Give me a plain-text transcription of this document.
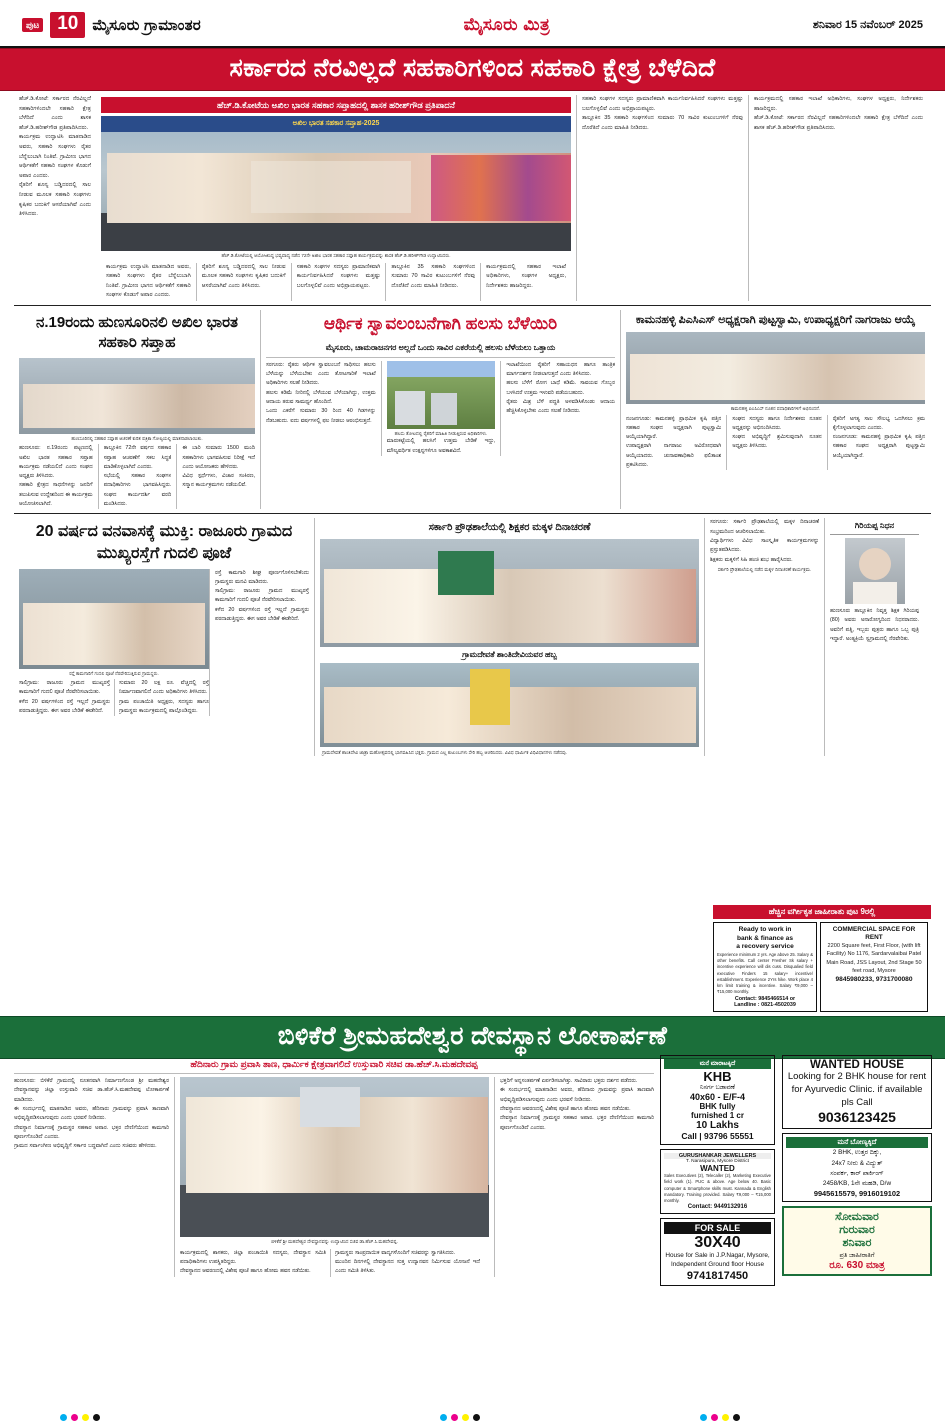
ಪುಟ 10 ಮೈಸೂರು ಗ್ರಾಮಾಂತರ	ಮೈಸೂರು ಮಿತ್ರ	ಶನಿವಾರ 15 ನವೆಂಬರ್ 2025
ಸರ್ಕಾರದ ನೆರವಿಲ್ಲದೆ ಸಹಕಾರಿಗಳಿಂದ ಸಹಕಾರಿ ಕ್ಷೇತ್ರ ಬೆಳೆದಿದೆ
ಹೆಚ್.ಡಿ.ಕೋಟೆ: ಸರ್ಕಾರದ ನೆರವಿಲ್ಲದೆ ಸಹಕಾರಿಗಳಿಂದಲೇ ಸಹಕಾರಿ ಕ್ಷೇತ್ರ ಬೆಳೆದಿದೆ ಎಂದು ಶಾಸಕ ಹೆಚ್.ಡಿ.ಹರೀಶ್‌ಗೌಡ ಪ್ರತಿಪಾದಿಸಿದರು.
ಕಾರ್ಯಕ್ರಮ ಉದ್ಘಾಟಿಸಿ ಮಾತನಾಡಿದ ಅವರು, ಸಹಕಾರಿ ಸಂಘಗಳು ರೈತರ ಬೆನ್ನೆಲುಬಾಗಿ ನಿಂತಿವೆ. ಗ್ರಾಮೀಣ ಭಾಗದ ಆರ್ಥಿಕತೆಗೆ ಸಹಕಾರಿ ಸಂಘಗಳ ಕೊಡುಗೆ ಅಪಾರ ಎಂದರು.
ರೈತರಿಗೆ ಶೂನ್ಯ ಬಡ್ಡಿದರದಲ್ಲಿ ಸಾಲ ನೀಡುವ ಮೂಲಕ ಸಹಕಾರಿ ಸಂಘಗಳು ಕೃಷಿಕರ ಬದುಕಿಗೆ ಆಸರೆಯಾಗಿವೆ ಎಂದು ತಿಳಿಸಿದರು.
ಹೆಚ್.ಡಿ.ಕೋಟೆಯ ಅಖಿಲ ಭಾರತ ಸಹಕಾರ ಸಪ್ತಾಹದಲ್ಲಿ ಶಾಸಕ ಹರೀಶ್‌ಗೌಡ ಪ್ರತಿಪಾದನೆ
ಅಖಿಲ ಭಾರತ ಸಹಕಾರ ಸಪ್ತಾಹ-2025
ಹೆಚ್.ಡಿ.ಕೋಟೆಯಲ್ಲಿ ಆಯೋಜಿಸಿದ್ದ ಭವ್ಯವಾದ್ಯ ನಡೆದ 72ನೇ ಅಖಿಲ ಭಾರತ ಸಹಕಾರ ಸಪ್ತಾಹ ಕಾರ್ಯಕ್ರಮವನ್ನು ಶಾಸಕ ಹೆಚ್.ಡಿ.ಹರೀಶ್‌ಗೌಡ ಉದ್ಘಾಟಿಸಿದರು.
ಕಾರ್ಯಕ್ರಮ ಉದ್ಘಾಟಿಸಿ ಮಾತನಾಡಿದ ಅವರು, ಸಹಕಾರಿ ಸಂಘಗಳು ರೈತರ ಬೆನ್ನೆಲುಬಾಗಿ ನಿಂತಿವೆ. ಗ್ರಾಮೀಣ ಭಾಗದ ಆರ್ಥಿಕತೆಗೆ ಸಹಕಾರಿ ಸಂಘಗಳ ಕೊಡುಗೆ ಅಪಾರ ಎಂದರು.
ರೈತರಿಗೆ ಶೂನ್ಯ ಬಡ್ಡಿದರದಲ್ಲಿ ಸಾಲ ನೀಡುವ ಮೂಲಕ ಸಹಕಾರಿ ಸಂಘಗಳು ಕೃಷಿಕರ ಬದುಕಿಗೆ ಆಸರೆಯಾಗಿವೆ ಎಂದು ತಿಳಿಸಿದರು.
ಸಹಕಾರಿ ಸಂಘಗಳ ಸದಸ್ಯರು ಪ್ರಾಮಾಣಿಕವಾಗಿ ಕಾರ್ಯನಿರ್ವಹಿಸಿದರೆ ಸಂಘಗಳು ಮತ್ತಷ್ಟು ಬಲಗೊಳ್ಳಲಿವೆ ಎಂದು ಅಭಿಪ್ರಾಯಪಟ್ಟರು.
ತಾಲ್ಲೂಕಿನ 35 ಸಹಕಾರಿ ಸಂಘಗಳಿಂದ ಸುಮಾರು 70 ಸಾವಿರ ಕುಟುಂಬಗಳಿಗೆ ನೆರವು ದೊರೆತಿದೆ ಎಂದು ಮಾಹಿತಿ ನೀಡಿದರು.
ಕಾರ್ಯಕ್ರಮದಲ್ಲಿ ಸಹಕಾರ ಇಲಾಖೆ ಅಧಿಕಾರಿಗಳು, ಸಂಘಗಳ ಅಧ್ಯಕ್ಷರು, ನಿರ್ದೇಶಕರು ಹಾಜರಿದ್ದರು.
ಸಹಕಾರಿ ಸಂಘಗಳ ಸದಸ್ಯರು ಪ್ರಾಮಾಣಿಕವಾಗಿ ಕಾರ್ಯನಿರ್ವಹಿಸಿದರೆ ಸಂಘಗಳು ಮತ್ತಷ್ಟು ಬಲಗೊಳ್ಳಲಿವೆ ಎಂದು ಅಭಿಪ್ರಾಯಪಟ್ಟರು.
ತಾಲ್ಲೂಕಿನ 35 ಸಹಕಾರಿ ಸಂಘಗಳಿಂದ ಸುಮಾರು 70 ಸಾವಿರ ಕುಟುಂಬಗಳಿಗೆ ನೆರವು ದೊರೆತಿದೆ ಎಂದು ಮಾಹಿತಿ ನೀಡಿದರು.
ಕಾರ್ಯಕ್ರಮದಲ್ಲಿ ಸಹಕಾರ ಇಲಾಖೆ ಅಧಿಕಾರಿಗಳು, ಸಂಘಗಳ ಅಧ್ಯಕ್ಷರು, ನಿರ್ದೇಶಕರು ಹಾಜರಿದ್ದರು.
ಹೆಚ್.ಡಿ.ಕೋಟೆ: ಸರ್ಕಾರದ ನೆರವಿಲ್ಲದೆ ಸಹಕಾರಿಗಳಿಂದಲೇ ಸಹಕಾರಿ ಕ್ಷೇತ್ರ ಬೆಳೆದಿದೆ ಎಂದು ಶಾಸಕ ಹೆಚ್.ಡಿ.ಹರೀಶ್‌ಗೌಡ ಪ್ರತಿಪಾದಿಸಿದರು.
ನ.19ರಂದು ಹುಣಸೂರಿನಲಿ ಅಖಿಲ ಭಾರತ ಸಹಕಾರಿ ಸಪ್ತಾಹ
ಹುಣಸೂರಿನಲ್ಲಿ ಸಹಕಾರ ಸಪ್ತಾಹ ಆಚರಣೆ ಕುರಿತ ಪತ್ರಿಕಾ ಗೋಷ್ಠಿಯಲ್ಲಿ ಮಾತನಾಡಲಾಯಿತು.
ಹುಣಸೂರು: ನ.19ರಂದು ಪಟ್ಟಣದಲ್ಲಿ ಅಖಿಲ ಭಾರತ ಸಹಕಾರ ಸಪ್ತಾಹ ಕಾರ್ಯಕ್ರಮ ನಡೆಯಲಿದೆ ಎಂದು ಸಂಘದ ಅಧ್ಯಕ್ಷರು ತಿಳಿಸಿದರು.
ಸಹಕಾರಿ ಕ್ಷೇತ್ರದ ಸಾಧನೆಗಳನ್ನು ಜನರಿಗೆ ತಲುಪಿಸುವ ಉದ್ದೇಶದಿಂದ ಈ ಕಾರ್ಯಕ್ರಮ ಆಯೋಜಿಸಲಾಗಿದೆ.
ತಾಲ್ಲೂಕಿನ 72ನೇ ವರ್ಷದ ಸಹಕಾರ ಸಪ್ತಾಹ ಆಚರಣೆಗೆ ಸಕಲ ಸಿದ್ಧತೆ ಮಾಡಿಕೊಳ್ಳಲಾಗಿದೆ ಎಂದರು.
ಸಭೆಯಲ್ಲಿ ಸಹಕಾರ ಸಂಘಗಳ ಪದಾಧಿಕಾರಿಗಳು ಭಾಗವಹಿಸಿದ್ದರು. ಸಂಘದ ಕಾರ್ಯದರ್ಶಿ ವರದಿ ಮಂಡಿಸಿದರು.
ಈ ಬಾರಿ ಸುಮಾರು 1500 ಮಂದಿ ಸಹಕಾರಿಗಳು ಭಾಗವಹಿಸುವ ನಿರೀಕ್ಷೆ ಇದೆ ಎಂದು ಆಯೋಜಕರು ಹೇಳಿದರು.
ವಿವಿಧ ಸ್ಪರ್ಧೆಗಳು, ವಿಚಾರ ಸಂಕಿರಣ, ಸನ್ಮಾನ ಕಾರ್ಯಕ್ರಮಗಳು ನಡೆಯಲಿವೆ.
ಆರ್ಥಿಕ ಸ್ವಾವಲಂಬನೆಗಾಗಿ ಹಲಸು ಬೆಳೆಯಿರಿ
ಮೈಸೂರು, ಚಾಮರಾಜನಗರ ಅಲ್ಲದೆ ಒಂದು ಸಾವಿರ ಎಕರೆಯಲ್ಲಿ ಹಲಸು ಬೆಳೆಯಲು ಒತ್ತಾಯ
ಸರಗೂರು: ರೈತರು ಆರ್ಥಿಕ ಸ್ವಾವಲಂಬನೆ ಸಾಧಿಸಲು ಹಲಸು ಬೆಳೆಯನ್ನು ಬೆಳೆಯಬೇಕು ಎಂದು ತೋಟಗಾರಿಕೆ ಇಲಾಖೆ ಅಧಿಕಾರಿಗಳು ಸಲಹೆ ನೀಡಿದರು.
ಹಲಸು ಕಡಿಮೆ ನೀರಿನಲ್ಲಿ ಬೆಳೆಯುವ ಬೆಳೆಯಾಗಿದ್ದು, ಉತ್ತಮ ಆದಾಯ ತರುವ ಸಾಮರ್ಥ್ಯ ಹೊಂದಿದೆ.
ಒಂದು ಎಕರೆಗೆ ಸುಮಾರು 30 ರಿಂದ 40 ಗಿಡಗಳನ್ನು ನೆಡಬಹುದು. ಐದು ವರ್ಷಗಳಲ್ಲಿ ಫಲ ನೀಡಲು ಆರಂಭಿಸುತ್ತದೆ.
ಹಲಸು ತೋಟದಲ್ಲಿ ರೈತರಿಗೆ ಮಾಹಿತಿ ನೀಡುತ್ತಿರುವ ಅಧಿಕಾರಿಗಳು.
ಮಾರುಕಟ್ಟೆಯಲ್ಲಿ ಹಲಸಿಗೆ ಉತ್ತಮ ಬೇಡಿಕೆ ಇದ್ದು, ಮೌಲ್ಯವರ್ಧಿತ ಉತ್ಪನ್ನಗಳಿಗೂ ಅವಕಾಶವಿದೆ.
ಇಲಾಖೆಯಿಂದ ರೈತರಿಗೆ ಸಹಾಯಧನ ಹಾಗೂ ತಾಂತ್ರಿಕ ಮಾರ್ಗದರ್ಶನ ನೀಡಲಾಗುತ್ತದೆ ಎಂದು ತಿಳಿಸಿದರು.
ಹಲಸು ಬೆಳೆಗೆ ರೋಗ ಬಾಧೆ ಕಡಿಮೆ. ಸಾವಯವ ಗೊಬ್ಬರ ಬಳಸಿದರೆ ಉತ್ತಮ ಇಳುವರಿ ಪಡೆಯಬಹುದು.
ರೈತರು ಮಿಶ್ರ ಬೆಳೆ ಪದ್ಧತಿ ಅಳವಡಿಸಿಕೊಂಡು ಆದಾಯ ಹೆಚ್ಚಿಸಿಕೊಳ್ಳಬೇಕು ಎಂದು ಸಲಹೆ ನೀಡಿದರು.
ಕಾಮನಹಳ್ಳಿ ಪಿಎಸಿಎಸ್ ಅಧ್ಯಕ್ಷರಾಗಿ ಪುಟ್ಟಸ್ವಾಮಿ, ಉಪಾಧ್ಯಕ್ಷರಿಗೆ ನಾಗರಾಜು ಆಯ್ಕೆ
ಕಾಮನಹಳ್ಳಿ ಪಿಎಸಿಎಸ್ ನೂತನ ಪದಾಧಿಕಾರಿಗಳಿಗೆ ಅಭಿನಂದನೆ.
ನಂಜನಗೂಡು: ಕಾಮನಹಳ್ಳಿ ಪ್ರಾಥಮಿಕ ಕೃಷಿ ಪತ್ತಿನ ಸಹಕಾರ ಸಂಘದ ಅಧ್ಯಕ್ಷರಾಗಿ ಪುಟ್ಟಸ್ವಾಮಿ ಆಯ್ಕೆಯಾಗಿದ್ದಾರೆ.
ಉಪಾಧ್ಯಕ್ಷರಾಗಿ ನಾಗರಾಜು ಅವಿರೋಧವಾಗಿ ಆಯ್ಕೆಯಾದರು. ಚುನಾವಣಾಧಿಕಾರಿ ಫಲಿತಾಂಶ ಪ್ರಕಟಿಸಿದರು.
ಸಂಘದ ಸದಸ್ಯರು ಹಾಗೂ ನಿರ್ದೇಶಕರು ನೂತನ ಅಧ್ಯಕ್ಷರನ್ನು ಅಭಿನಂದಿಸಿದರು.
ಸಂಘದ ಅಭಿವೃದ್ಧಿಗೆ ಶ್ರಮಿಸುವುದಾಗಿ ನೂತನ ಅಧ್ಯಕ್ಷರು ತಿಳಿಸಿದರು.
ರೈತರಿಗೆ ಅಗತ್ಯ ಸಾಲ ಸೌಲಭ್ಯ ಒದಗಿಸಲು ಕ್ರಮ ಕೈಗೊಳ್ಳಲಾಗುವುದು ಎಂದರು.
ನಂಜನಗೂಡು: ಕಾಮನಹಳ್ಳಿ ಪ್ರಾಥಮಿಕ ಕೃಷಿ ಪತ್ತಿನ ಸಹಕಾರ ಸಂಘದ ಅಧ್ಯಕ್ಷರಾಗಿ ಪುಟ್ಟಸ್ವಾಮಿ ಆಯ್ಕೆಯಾಗಿದ್ದಾರೆ.
20 ವರ್ಷದ ವನವಾಸಕ್ಕೆ ಮುಕ್ತಿ: ರಾಜೂರು ಗ್ರಾಮದ ಮುಖ್ಯರಸ್ತೆಗೆ ಗುದಲಿ ಪೂಜೆ
ರಸ್ತೆ ಕಾಮಗಾರಿಗೆ ಗುದಲಿ ಪೂಜೆ ನೆರವೇರಿಸುತ್ತಿರುವ ಗ್ರಾಮಸ್ಥರು.
ಸಾಲಿಗ್ರಾಮ: ರಾಜೂರು ಗ್ರಾಮದ ಮುಖ್ಯರಸ್ತೆ ಕಾಮಗಾರಿಗೆ ಗುದಲಿ ಪೂಜೆ ನೆರವೇರಿಸಲಾಯಿತು.
ಕಳೆದ 20 ವರ್ಷಗಳಿಂದ ರಸ್ತೆ ಇಲ್ಲದೆ ಗ್ರಾಮಸ್ಥರು ಪರದಾಡುತ್ತಿದ್ದರು. ಈಗ ಅವರ ಬೇಡಿಕೆ ಈಡೇರಿದೆ.
ಸುಮಾರು 20 ಲಕ್ಷ ರೂ. ವೆಚ್ಚದಲ್ಲಿ ರಸ್ತೆ ನಿರ್ಮಾಣವಾಗಲಿದೆ ಎಂದು ಅಧಿಕಾರಿಗಳು ತಿಳಿಸಿದರು.
ಗ್ರಾಮ ಪಂಚಾಯಿತಿ ಅಧ್ಯಕ್ಷರು, ಸದಸ್ಯರು ಹಾಗೂ ಗ್ರಾಮಸ್ಥರು ಕಾರ್ಯಕ್ರಮದಲ್ಲಿ ಪಾಲ್ಗೊಂಡಿದ್ದರು.
ರಸ್ತೆ ಕಾಮಗಾರಿ ಶೀಘ್ರ ಪೂರ್ಣಗೊಳಿಸಬೇಕೆಂದು ಗ್ರಾಮಸ್ಥರು ಮನವಿ ಮಾಡಿದರು.
ಸಾಲಿಗ್ರಾಮ: ರಾಜೂರು ಗ್ರಾಮದ ಮುಖ್ಯರಸ್ತೆ ಕಾಮಗಾರಿಗೆ ಗುದಲಿ ಪೂಜೆ ನೆರವೇರಿಸಲಾಯಿತು.
ಕಳೆದ 20 ವರ್ಷಗಳಿಂದ ರಸ್ತೆ ಇಲ್ಲದೆ ಗ್ರಾಮಸ್ಥರು ಪರದಾಡುತ್ತಿದ್ದರು. ಈಗ ಅವರ ಬೇಡಿಕೆ ಈಡೇರಿದೆ.
ಸರ್ಕಾರಿ ಪ್ರೌಢಶಾಲೆಯಲ್ಲಿ ಶಿಕ್ಷಕರ ಮಕ್ಕಳ ದಿನಾಚರಣೆ
ಗ್ರಾಮದೇವತೆ ಶಾಂತಿದೇವಿಯವರ ಹಬ್ಬ
ಗ್ರಾಮದೇವತೆ ಶಾಂತಿದೇವಿ ಜಾತ್ರಾ ಮಹೋತ್ಸವದಲ್ಲಿ ಭಾಗವಹಿಸಿದ ಭಕ್ತರು. ಗ್ರಾಮದ ಎಲ್ಲ ಕುಟುಂಬಗಳು ಸೇರಿ ಹಬ್ಬ ಆಚರಿಸಿದರು. ವಿವಿಧ ಧಾರ್ಮಿಕ ವಿಧಿವಿಧಾನಗಳು ನಡೆದವು.
ಸರಗೂರು: ಸರ್ಕಾರಿ ಪ್ರೌಢಶಾಲೆಯಲ್ಲಿ ಮಕ್ಕಳ ದಿನಾಚರಣೆ ಸಂಭ್ರಮದಿಂದ ಆಚರಿಸಲಾಯಿತು.
ವಿದ್ಯಾರ್ಥಿಗಳು ವಿವಿಧ ಸಾಂಸ್ಕೃತಿಕ ಕಾರ್ಯಕ್ರಮಗಳನ್ನು ಪ್ರಸ್ತುತಪಡಿಸಿದರು.
ಶಿಕ್ಷಕರು ಮಕ್ಕಳಿಗೆ ಸಿಹಿ ಹಂಚಿ ಶುಭ ಹಾರೈಸಿದರು.
ಸರ್ಕಾರಿ ಪ್ರೌಢಶಾಲೆಯಲ್ಲಿ ನಡೆದ ಮಕ್ಕಳ ದಿನಾಚರಣೆ ಕಾರ್ಯಕ್ರಮ.
ಗಿರಿಯಪ್ಪ ನಿಧನ
ಹುಣಸೂರು ತಾಲ್ಲೂಕಿನ ನಿವೃತ್ತ ಶಿಕ್ಷಕ ಗಿರಿಯಪ್ಪ (80) ಅವರು ಅನಾರೋಗ್ಯದಿಂದ ನಿಧನರಾದರು. ಅವರಿಗೆ ಪತ್ನಿ, ಇಬ್ಬರು ಪುತ್ರರು ಹಾಗೂ ಒಬ್ಬ ಪುತ್ರಿ ಇದ್ದಾರೆ. ಅಂತ್ಯಕ್ರಿಯೆ ಸ್ವಗ್ರಾಮದಲ್ಲಿ ನೆರವೇರಿತು.
ಹೆಚ್ಚಿನ ವರ್ಗೀಕೃತ ಜಾಹೀರಾತು ಪುಟ 9ರಲ್ಲಿ
Ready to work in
bank & finance as
a recovery service
Experience minimum 2 yrs. Age above 25. Salary & other benefits. Call center Fresher Sk salary + incentive experience will dis cuss. Disqualied field executive Finders 15 salary+ incentive/ establishment. Experience 2Yrs hike. Work place 4 km limit training & incentive. Salary ₹9,000 – ₹15,000 monthly.
Contact: 9845466514 or
Landline : 0821-4502039
COMMERCIAL SPACE FOR RENT
2200 Square feet, First Floor, (with lift Facility) No 1176, Sardarvalaibai Patel Main Road, JSS Layout, 2nd Stage 50 feet road, Mysore
9845980233, 9731700080
ಬಿಳಿಕೆರೆ ಶ್ರೀಮಹದೇಶ್ವರ ದೇವಸ್ಥಾನ ಲೋಕಾರ್ಪಣೆ
ಹೆದಿನಾರು ಗ್ರಾಮ ಪ್ರವಾಸಿ ತಾಣ, ಧಾರ್ಮಿಕ ಕ್ಷೇತ್ರವಾಗಲಿದೆ ಉಸ್ತುವಾರಿ ಸಚಿವ ಡಾ.ಹೆಚ್.ಸಿ.ಮಹದೇವಪ್ಪ
ಹುಣಸೂರು: ಬಿಳಿಕೆರೆ ಗ್ರಾಮದಲ್ಲಿ ನೂತನವಾಗಿ ನಿರ್ಮಾಣಗೊಂಡ ಶ್ರೀ ಮಹದೇಶ್ವರ ದೇವಸ್ಥಾನವನ್ನು ಜಿಲ್ಲಾ ಉಸ್ತುವಾರಿ ಸಚಿವ ಡಾ.ಹೆಚ್.ಸಿ.ಮಹದೇವಪ್ಪ ಲೋಕಾರ್ಪಣೆ ಮಾಡಿದರು.
ಈ ಸಂದರ್ಭದಲ್ಲಿ ಮಾತನಾಡಿದ ಅವರು, ಹೆದಿನಾರು ಗ್ರಾಮವನ್ನು ಪ್ರವಾಸಿ ತಾಣವಾಗಿ ಅಭಿವೃದ್ಧಿಪಡಿಸಲಾಗುವುದು ಎಂದು ಭರವಸೆ ನೀಡಿದರು.
ದೇವಸ್ಥಾನ ನಿರ್ಮಾಣಕ್ಕೆ ಗ್ರಾಮಸ್ಥರ ಸಹಕಾರ ಅಪಾರ. ಭಕ್ತರ ದೇಣಿಗೆಯಿಂದ ಕಾಮಗಾರಿ ಪೂರ್ಣಗೊಂಡಿದೆ ಎಂದರು.
ಗ್ರಾಮದ ಸರ್ವಾಂಗೀಣ ಅಭಿವೃದ್ಧಿಗೆ ಸರ್ಕಾರ ಬದ್ಧವಾಗಿದೆ ಎಂದು ಸಚಿವರು ಹೇಳಿದರು.
ಬಿಳಿಕೆರೆ ಶ್ರೀ ಮಹದೇಶ್ವರ ದೇವಸ್ಥಾನವನ್ನು ಉದ್ಘಾಟಿಸಿದ ಸಚಿವ ಡಾ.ಹೆಚ್.ಸಿ.ಮಹದೇವಪ್ಪ.
ಕಾರ್ಯಕ್ರಮದಲ್ಲಿ ಶಾಸಕರು, ಜಿಲ್ಲಾ ಪಂಚಾಯಿತಿ ಸದಸ್ಯರು, ದೇವಸ್ಥಾನ ಸಮಿತಿ ಪದಾಧಿಕಾರಿಗಳು ಉಪಸ್ಥಿತರಿದ್ದರು.
ದೇವಸ್ಥಾನದ ಆವರಣದಲ್ಲಿ ವಿಶೇಷ ಪೂಜೆ ಹಾಗೂ ಹೋಮ ಹವನ ನಡೆಯಿತು.
ಗ್ರಾಮಸ್ಥರು ಸಾಂಪ್ರದಾಯಿಕ ವಾದ್ಯಗಳೊಂದಿಗೆ ಸಚಿವರನ್ನು ಸ್ವಾಗತಿಸಿದರು.
ಮುಂದಿನ ದಿನಗಳಲ್ಲಿ ದೇವಸ್ಥಾನದ ಸುತ್ತ ಉದ್ಯಾನವನ ನಿರ್ಮಿಸುವ ಯೋಜನೆ ಇದೆ ಎಂದು ಸಮಿತಿ ತಿಳಿಸಿತು.
ಭಕ್ತರಿಗೆ ಅನ್ನಸಂತರ್ಪಣೆ ಏರ್ಪಡಿಸಲಾಗಿತ್ತು. ಸಾವಿರಾರು ಭಕ್ತರು ದರ್ಶನ ಪಡೆದರು.
ಈ ಸಂದರ್ಭದಲ್ಲಿ ಮಾತನಾಡಿದ ಅವರು, ಹೆದಿನಾರು ಗ್ರಾಮವನ್ನು ಪ್ರವಾಸಿ ತಾಣವಾಗಿ ಅಭಿವೃದ್ಧಿಪಡಿಸಲಾಗುವುದು ಎಂದು ಭರವಸೆ ನೀಡಿದರು.
ದೇವಸ್ಥಾನದ ಆವರಣದಲ್ಲಿ ವಿಶೇಷ ಪೂಜೆ ಹಾಗೂ ಹೋಮ ಹವನ ನಡೆಯಿತು.
ದೇವಸ್ಥಾನ ನಿರ್ಮಾಣಕ್ಕೆ ಗ್ರಾಮಸ್ಥರ ಸಹಕಾರ ಅಪಾರ. ಭಕ್ತರ ದೇಣಿಗೆಯಿಂದ ಕಾಮಗಾರಿ ಪೂರ್ಣಗೊಂಡಿದೆ ಎಂದರು.
ಮನೆ ಮಾರಾಟಕ್ಕಿದೆ
KHB
ನಿಸರ್ಗ ಬಡಾವಣೆ
40x60 - E/F-4
BHK fully
furnished 1 cr
10 Lakhs
Call | 93796 55551
GURUSHANKAR JEWELLERS
T. Narasipura, Mysore District
WANTED
Sales Executives (2), Telecaller (2), Marketing Executive field work (1). PUC & above. Age below 40. Basic computer & Smartphone skills must. Kannada & English mandatory. Training provided. Salary ₹9,000 – ₹15,000 monthly.
Contact: 9449132916
FOR SALE
30X40
House for Sale in J.P.Nagar, Mysore, Independent Ground floor House
9741817450
WANTED HOUSE
Looking for 2 BHK house for rent for Ayurvedic Clinic. if available pls Call
9036123425
ಮನೆ ಬೋಣ್ಯಕ್ಕಿದೆ
2 BHK, ಉತ್ತರ ದಿಕ್ಕು,
24x7 ನೀರು & ವಿದ್ಯುತ್
ಸಂಪರ್ಕ, ಕಾರ್ ಪಾರ್ಕಿಂಗ್
2458/KB, 1ನೇ ಮಹಡಿ, D/w
9945615579, 9916019102
ಸೋಮವಾರ
ಗುರುವಾರ
ಶನಿವಾರ
ಪ್ರತಿ ಜಾಹೀರಾತಿಗೆ
ರೂ. 630 ಮಾತ್ರ
